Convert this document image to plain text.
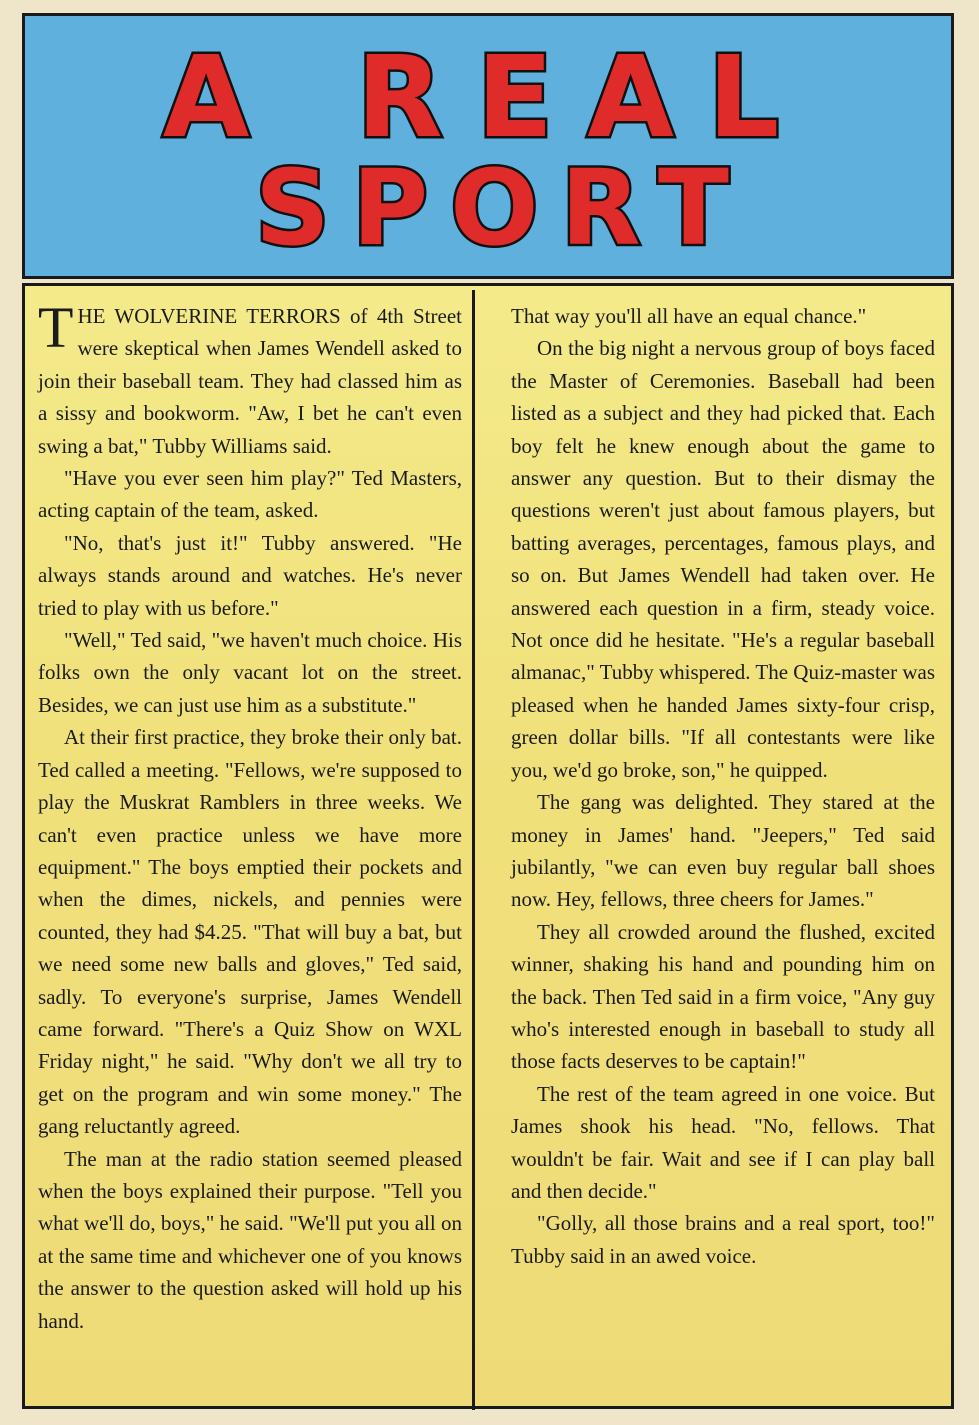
A REAL
SPORT

THE WOLVERINE TERRORS of 4th Street were skeptical when James Wendell asked to join their baseball team. They had classed him as a sissy and bookworm. "Aw, I bet he can't even swing a bat," Tubby Williams said.

"Have you ever seen him play?" Ted Masters, acting captain of the team, asked.

"No, that's just it!" Tubby answered. "He always stands around and watches. He's never tried to play with us before."

"Well," Ted said, "we haven't much choice. His folks own the only vacant lot on the street. Besides, we can just use him as a substitute."

At their first practice, they broke their only bat. Ted called a meeting. "Fellows, we're supposed to play the Muskrat Ramblers in three weeks. We can't even practice unless we have more equipment." The boys emptied their pockets and when the dimes, nickels, and pennies were counted, they had $4.25. "That will buy a bat, but we need some new balls and gloves," Ted said, sadly. To everyone's surprise, James Wendell came forward. "There's a Quiz Show on WXL Friday night," he said. "Why don't we all try to get on the program and win some money." The gang reluctantly agreed.

The man at the radio station seemed pleased when the boys explained their purpose. "Tell you what we'll do, boys," he said. "We'll put you all on at the same time and whichever one of you knows the answer to the question asked will hold up his hand.

That way you'll all have an equal chance."

On the big night a nervous group of boys faced the Master of Ceremonies. Baseball had been listed as a subject and they had picked that. Each boy felt he knew enough about the game to answer any question. But to their dismay the questions weren't just about famous players, but batting averages, percentages, famous plays, and so on. But James Wendell had taken over. He answered each question in a firm, steady voice. Not once did he hesitate. "He's a regular baseball almanac," Tubby whispered. The Quiz-master was pleased when he handed James sixty-four crisp, green dollar bills. "If all contestants were like you, we'd go broke, son," he quipped.

The gang was delighted. They stared at the money in James' hand. "Jeepers," Ted said jubilantly, "we can even buy regular ball shoes now. Hey, fellows, three cheers for James."

They all crowded around the flushed, excited winner, shaking his hand and pounding him on the back. Then Ted said in a firm voice, "Any guy who's interested enough in baseball to study all those facts deserves to be captain!"

The rest of the team agreed in one voice. But James shook his head. "No, fellows. That wouldn't be fair. Wait and see if I can play ball and then decide."

"Golly, all those brains and a real sport, too!" Tubby said in an awed voice.
